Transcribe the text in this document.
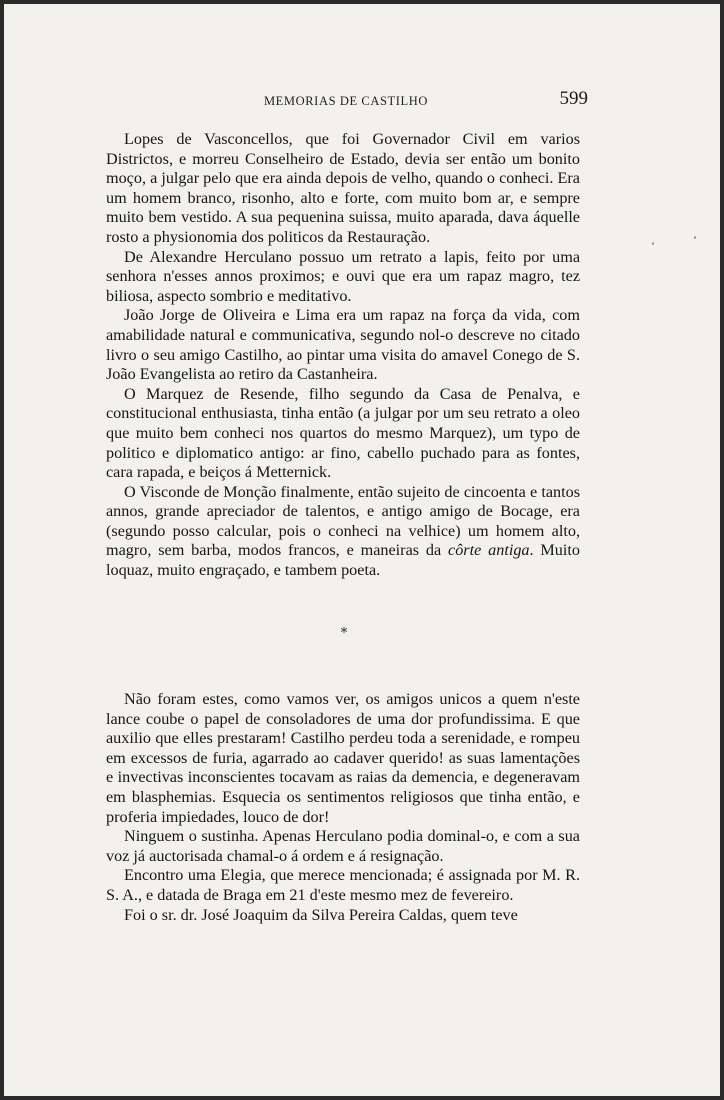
MEMORIAS DE CASTILHO	599

Lopes de Vasconcellos, que foi Governador Civil em varios Districtos, e morreu Conselheiro de Estado, devia ser então um bonito moço, a julgar pelo que era ainda depois de velho, quando o conheci. Era um homem branco, risonho, alto e forte, com muito bom ar, e sempre muito bem vestido. A sua pequenina suissa, muito aparada, dava áquelle rosto a physionomia dos politicos da Restauração.

De Alexandre Herculano possuo um retrato a lapis, feito por uma senhora n'esses annos proximos; e ouvi que era um rapaz magro, tez biliosa, aspecto sombrio e meditativo.

João Jorge de Oliveira e Lima era um rapaz na força da vida, com amabilidade natural e communicativa, segundo nol-o descreve no citado livro o seu amigo Castilho, ao pintar uma visita do amavel Conego de S. João Evangelista ao retiro da Castanheira.

O Marquez de Resende, filho segundo da Casa de Penalva, e constitucional enthusiasta, tinha então (a julgar por um seu retrato a oleo que muito bem conheci nos quartos do mesmo Marquez), um typo de politico e diplomatico antigo: ar fino, cabello puchado para as fontes, cara rapada, e beiços á Metternick.

O Visconde de Monção finalmente, então sujeito de cincoenta e tantos annos, grande apreciador de talentos, e antigo amigo de Bocage, era (segundo posso calcular, pois o conheci na velhice) um homem alto, magro, sem barba, modos francos, e maneiras da côrte antiga. Muito loquaz, muito engraçado, e tambem poeta.

*

Não foram estes, como vamos ver, os amigos unicos a quem n'este lance coube o papel de consoladores de uma dor profundissima. E que auxilio que elles prestaram! Castilho perdeu toda a serenidade, e rompeu em excessos de furia, agarrado ao cadaver querido! as suas lamentações e invectivas inconscientes tocavam as raias da demencia, e degeneravam em blasphemias. Esquecia os sentimentos religiosos que tinha então, e proferia impiedades, louco de dor!

Ninguem o sustinha. Apenas Herculano podia dominal-o, e com a sua voz já auctorisada chamal-o á ordem e á resignação.

Encontro uma Elegia, que merece mencionada; é assignada por M. R. S. A., e datada de Braga em 21 d'este mesmo mez de fevereiro.

Foi o sr. dr. José Joaquim da Silva Pereira Caldas, quem teve
